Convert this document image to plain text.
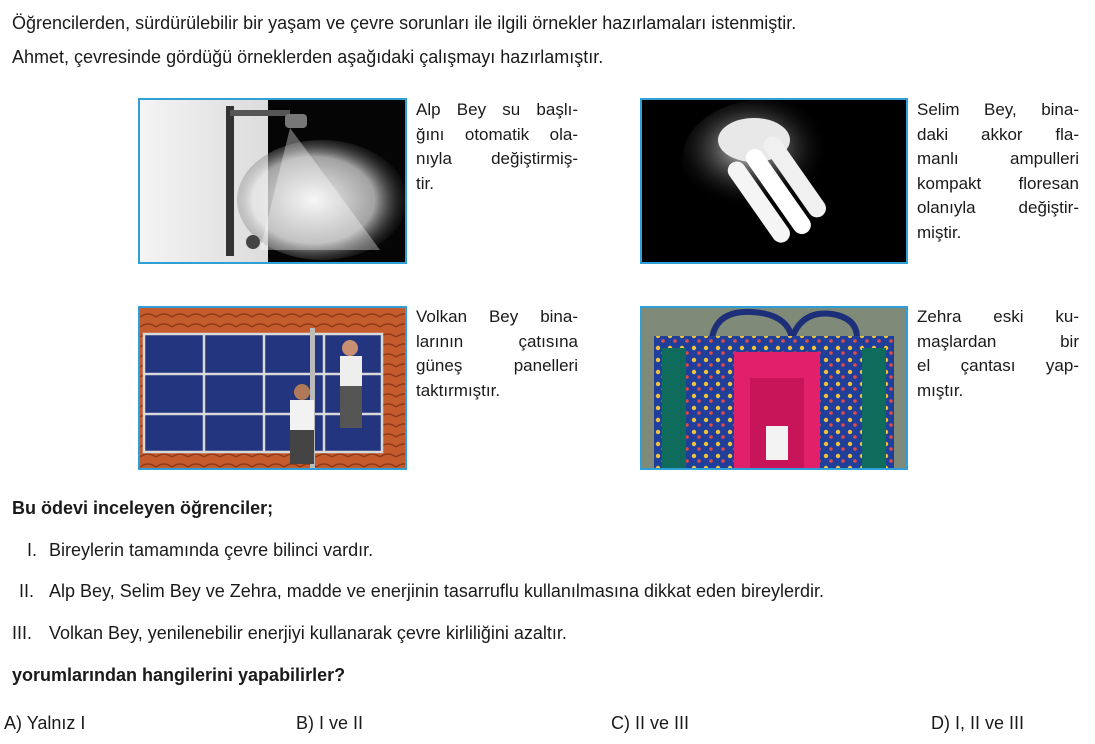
Öğrencilerden, sürdürülebilir bir yaşam ve çevre sorunları ile ilgili örnekler hazırlamaları istenmiştir.
Ahmet, çevresinde gördüğü örneklerden aşağıdaki çalışmayı hazırlamıştır.
Alp Bey su başlı-
ğını otomatik ola-
nıyla değiştirmiş-
tir.
Selim Bey, bina-
daki akkor fla-
manlı ampulleri
kompakt floresan
olanıyla değiştir-
miştir.
Volkan Bey bina-
larının çatısına
güneş panelleri
taktırmıştır.
Zehra eski ku-
maşlardan bir
el çantası yap-
mıştır.
Bu ödevi inceleyen öğrenciler;
I. Bireylerin tamamında çevre bilinci vardır.
II. Alp Bey, Selim Bey ve Zehra, madde ve enerjinin tasarruflu kullanılmasına dikkat eden bireylerdir.
III. Volkan Bey, yenilenebilir enerjiyi kullanarak çevre kirliliğini azaltır.
yorumlarından hangilerini yapabilirler?
A) Yalnız I	B) I ve II	C) II ve III	D) I, II ve III
